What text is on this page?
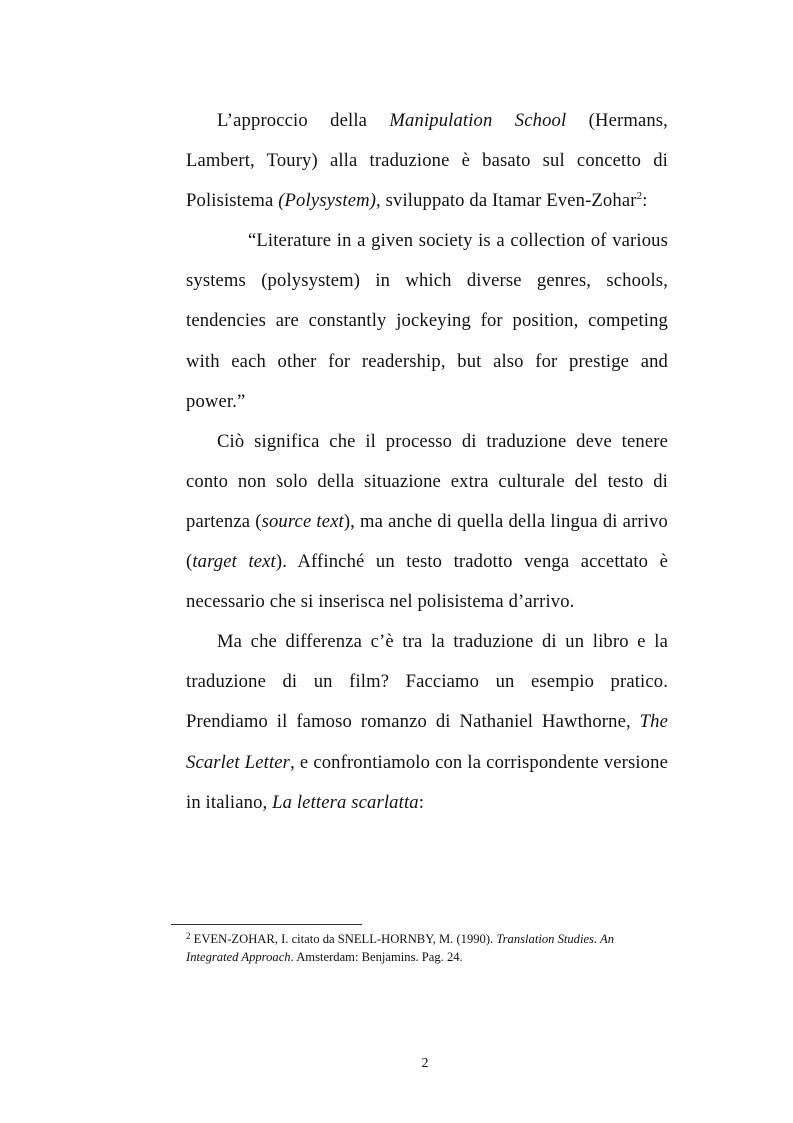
L’approccio della Manipulation School (Hermans, Lambert, Toury) alla traduzione è basato sul concetto di Polisistema (Polysystem), sviluppato da Itamar Even-Zohar$^2$:

“Literature in a given society is a collection of various systems (polysystem) in which diverse genres, schools, tendencies are constantly jockeying for position, competing with each other for readership, but also for prestige and power.”

Ciò significa che il processo di traduzione deve tenere conto non solo della situazione extra culturale del testo di partenza (source text), ma anche di quella della lingua di arrivo (target text). Affinché un testo tradotto venga accettato è necessario che si inserisca nel polisistema d’arrivo.

Ma che differenza c’è tra la traduzione di un libro e la traduzione di un film? Facciamo un esempio pratico. Prendiamo il famoso romanzo di Nathaniel Hawthorne, The Scarlet Letter, e confrontiamolo con la corrispondente versione in italiano, La lettera scarlatta:

$^2$ EVEN-ZOHAR, I. citato da SNELL-HORNBY, M. (1990). Translation Studies. An Integrated Approach. Amsterdam: Benjamins. Pag. 24.
2
